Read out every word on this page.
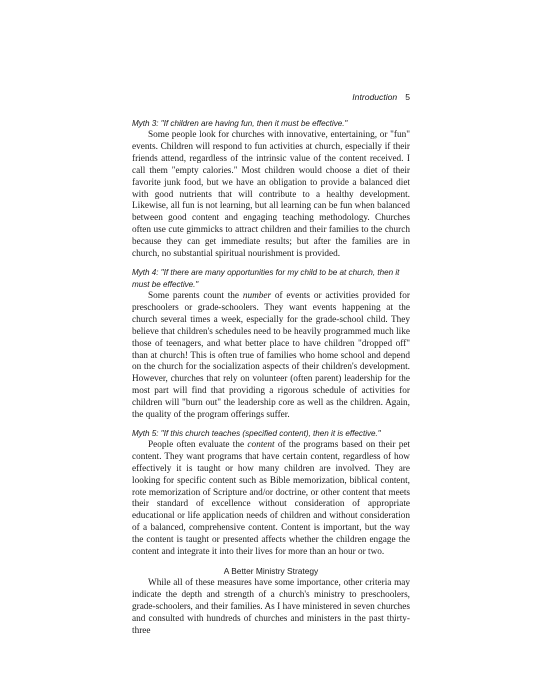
Introduction 5

Myth 3: "If children are having fun, then it must be effective."

Some people look for churches with innovative, entertaining, or "fun" events. Children will respond to fun activities at church, especially if their friends attend, regardless of the intrinsic value of the content received. I call them "empty calories." Most children would choose a diet of their favorite junk food, but we have an obligation to provide a balanced diet with good nutrients that will contribute to a healthy development. Likewise, all fun is not learning, but all learning can be fun when balanced between good content and engaging teaching methodology. Churches often use cute gimmicks to attract children and their families to the church because they can get immediate results; but after the families are in church, no substantial spiritual nourishment is provided.

Myth 4: "If there are many opportunities for my child to be at church, then it must be effective."

Some parents count the number of events or activities provided for preschoolers or grade-schoolers. They want events happening at the church several times a week, especially for the grade-school child. They believe that children's schedules need to be heavily programmed much like those of teenagers, and what better place to have children "dropped off" than at church! This is often true of families who home school and depend on the church for the socialization aspects of their children's development. However, churches that rely on volunteer (often parent) leadership for the most part will find that providing a rigorous schedule of activities for children will "burn out" the leadership core as well as the children. Again, the quality of the program offerings suffer.

Myth 5: "If this church teaches (specified content), then it is effective."

People often evaluate the content of the programs based on their pet content. They want programs that have certain content, regardless of how effectively it is taught or how many children are involved. They are looking for specific content such as Bible memorization, biblical content, rote memorization of Scripture and/or doctrine, or other content that meets their standard of excellence without consideration of appropriate educational or life application needs of children and without consideration of a balanced, comprehensive content. Content is important, but the way the content is taught or presented affects whether the children engage the content and integrate it into their lives for more than an hour or two.

A Better Ministry Strategy

While all of these measures have some importance, other criteria may indicate the depth and strength of a church's ministry to preschoolers, grade-schoolers, and their families. As I have ministered in seven churches and consulted with hundreds of churches and ministers in the past thirty-three
